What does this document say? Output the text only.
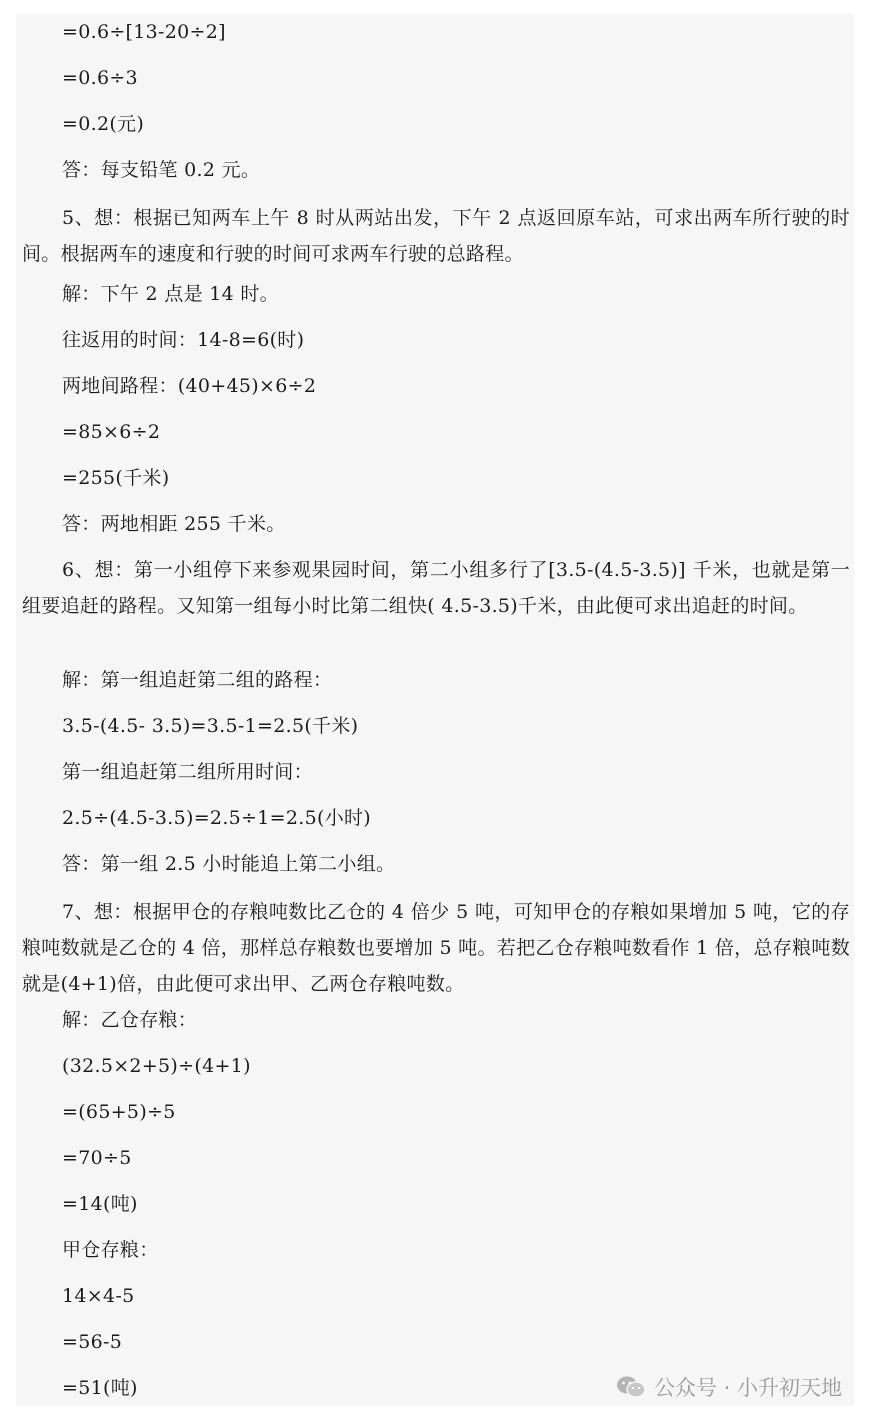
=0.6÷[13-20÷2]
=0.6÷3
=0.2(元)
答：每支铅笔 0.2 元。
5、想：根据已知两车上午 8 时从两站出发，下午 2 点返回原车站，可求出两车所行驶的时间。根据两车的速度和行驶的时间可求两车行驶的总路程。
解：下午 2 点是 14 时。
往返用的时间：14-8=6(时)
两地间路程：(40+45)×6÷2
=85×6÷2
=255(千米)
答：两地相距 255 千米。
6、想：第一小组停下来参观果园时间，第二小组多行了[3.5-(4.5-3.5)] 千米，也就是第一组要追赶的路程。又知第一组每小时比第二组快( 4.5-3.5)千米，由此便可求出追赶的时间。
解：第一组追赶第二组的路程：
3.5-(4.5- 3.5)=3.5-1=2.5(千米)
第一组追赶第二组所用时间：
2.5÷(4.5-3.5)=2.5÷1=2.5(小时)
答：第一组 2.5 小时能追上第二小组。
7、想：根据甲仓的存粮吨数比乙仓的 4 倍少 5 吨，可知甲仓的存粮如果增加 5 吨，它的存粮吨数就是乙仓的 4 倍，那样总存粮数也要增加 5 吨。若把乙仓存粮吨数看作 1 倍，总存粮吨数就是(4+1)倍，由此便可求出甲、乙两仓存粮吨数。
解：乙仓存粮：
(32.5×2+5)÷(4+1)
=(65+5)÷5
=70÷5
=14(吨)
甲仓存粮：
14×4-5
=56-5
=51(吨)	公众号 · 小升初天地
